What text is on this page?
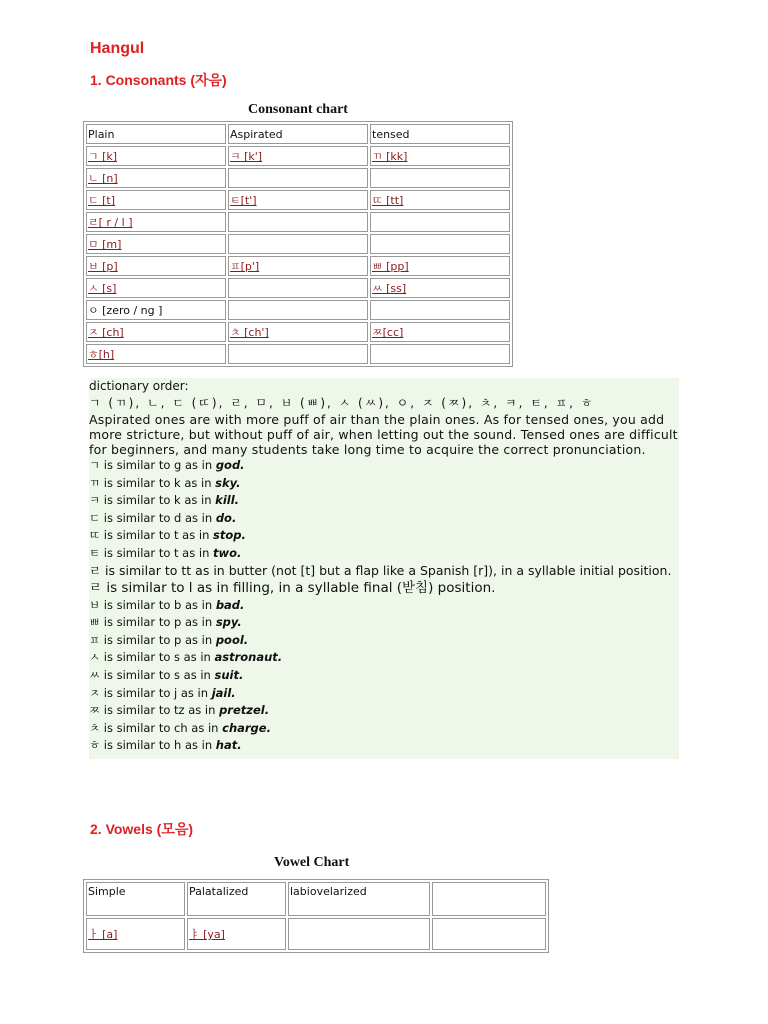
Hangul
1. Consonants (자음)
Consonant chart
Plain	Aspirated	tensed
ㄱ [k]	ㅋ [k']	ㄲ [kk]
ㄴ [n]		
ㄷ [t]	ㅌ[t']	ㄸ [tt]
ㄹ[ r / l ]		
ㅁ [m]		
ㅂ [p]	ㅍ[p']	ㅃ [pp]
ㅅ [s]		ㅆ [ss]
ㅇ [zero / ng ]		
ㅈ [ch]	ㅊ [ch']	ㅉ[cc]
ㅎ[h]		
dictionary order:
ㄱ (ㄲ), ㄴ, ㄷ (ㄸ), ㄹ, ㅁ, ㅂ (ㅃ), ㅅ (ㅆ), ㅇ, ㅈ (ㅉ), ㅊ, ㅋ, ㅌ, ㅍ, ㅎ
Aspirated ones are with more puff of air than the plain ones. As for tensed ones, you add more stricture, but without puff of air, when letting out the sound. Tensed ones are difficult for beginners, and many students take long time to acquire the correct pronunciation.
ㄱ is similar to g as in god.
ㄲ is similar to k as in sky.
ㅋ is similar to k as in kill.
ㄷ is similar to d as in do.
ㄸ is similar to t as in stop.
ㅌ is similar to t as in two.
ㄹ is similar to tt as in butter (not [t] but a flap like a Spanish [r]), in a syllable initial position.
ㄹ is similar to l as in filling, in a syllable final (받침) position.
ㅂ is similar to b as in bad.
ㅃ is similar to p as in spy.
ㅍ is similar to p as in pool.
ㅅ is similar to s as in astronaut.
ㅆ is similar to s as in suit.
ㅈ is similar to j as in jail.
ㅉ is similar to tz as in pretzel.
ㅊ is similar to ch as in charge.
ㅎ is similar to h as in hat.
2. Vowels (모음)
Vowel Chart
Simple	Palatalized	labiovelarized	
ㅏ [a]	ㅑ [ya]		
